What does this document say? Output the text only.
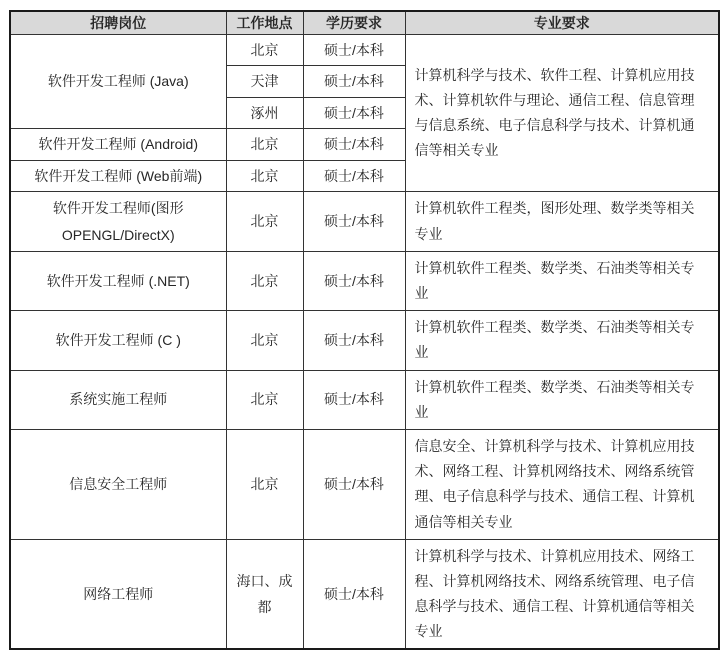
招聘岗位	工作地点	学历要求	专业要求
软件开发工程师 (Java)	北京	硕士/本科	计算机科学与技术、软件工程、计算机应用技术、计算机软件与理论、通信工程、信息管理与信息系统、电子信息科学与技术、计算机通信等相关专业
	天津	硕士/本科	
	涿州	硕士/本科	
软件开发工程师 (Android)	北京	硕士/本科	
软件开发工程师 (Web前端)	北京	硕士/本科	
软件开发工程师(图形OPENGL/DirectX)	北京	硕士/本科	计算机软件工程类，图形处理、数学类等相关专业
软件开发工程师 (.NET)	北京	硕士/本科	计算机软件工程类、数学类、石油类等相关专业
软件开发工程师 (C )	北京	硕士/本科	计算机软件工程类、数学类、石油类等相关专业
系统实施工程师	北京	硕士/本科	计算机软件工程类、数学类、石油类等相关专业
信息安全工程师	北京	硕士/本科	信息安全、计算机科学与技术、计算机应用技术、网络工程、计算机网络技术、网络系统管理、电子信息科学与技术、通信工程、计算机通信等相关专业
网络工程师	海口、成都	硕士/本科	计算机科学与技术、计算机应用技术、网络工程、计算机网络技术、网络系统管理、电子信息科学与技术、通信工程、计算机通信等相关专业
